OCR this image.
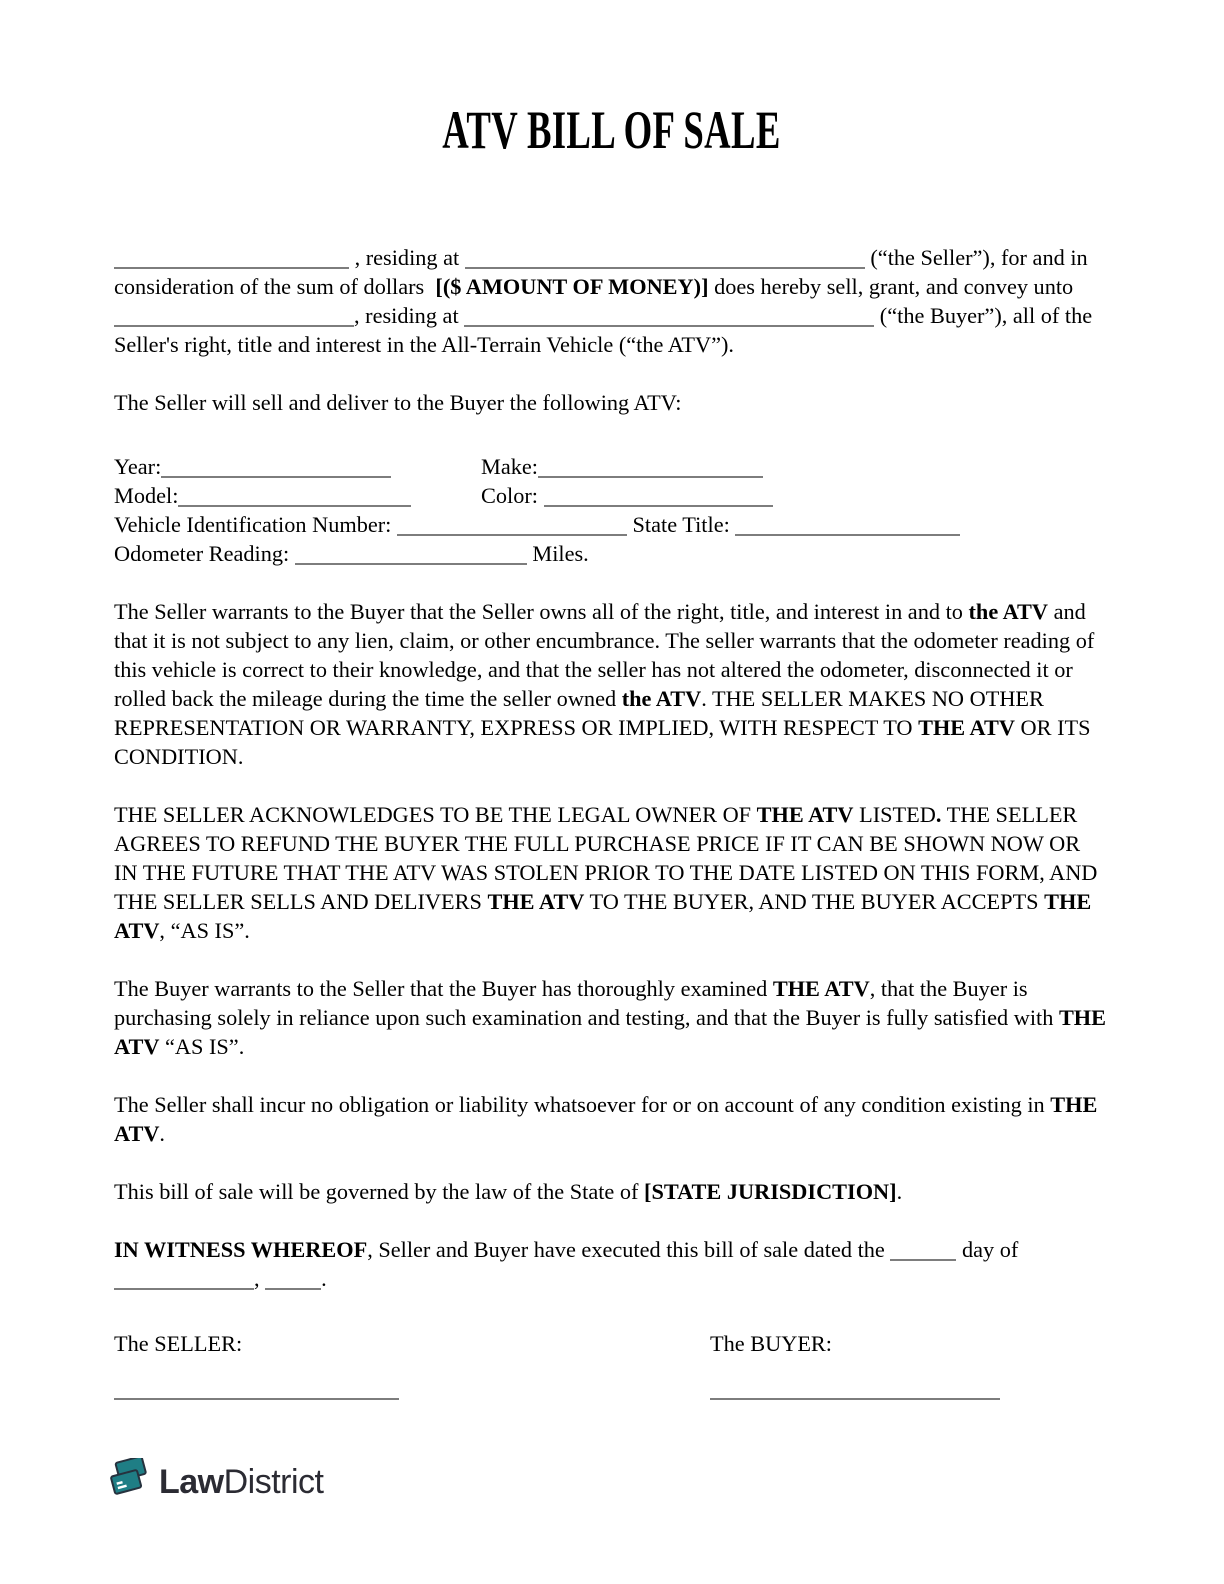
ATV BILL OF SALE

, residing at	(“the Seller”), for and in consideration of the sum of dollars  [($ AMOUNT OF MONEY)] does hereby sell, grant, and convey unto , residing at	(“the Buyer”), all of the Seller's right, title and interest in the All-Terrain Vehicle (“the ATV”).

The Seller will sell and deliver to the Buyer the following ATV:

Year:	Make:
Model:	Color:

Vehicle Identification Number:	State Title:

Odometer Reading:	Miles.

The Seller warrants to the Buyer that the Seller owns all of the right, title, and interest in and to the ATV and that it is not subject to any lien, claim, or other encumbrance. The seller warrants that the odometer reading of this vehicle is correct to their knowledge, and that the seller has not altered the odometer, disconnected it or rolled back the mileage during the time the seller owned the ATV. THE SELLER MAKES NO OTHER REPRESENTATION OR WARRANTY, EXPRESS OR IMPLIED, WITH RESPECT TO THE ATV OR ITS CONDITION.

THE SELLER ACKNOWLEDGES TO BE THE LEGAL OWNER OF THE ATV LISTED. THE SELLER AGREES TO REFUND THE BUYER THE FULL PURCHASE PRICE IF IT CAN BE SHOWN NOW OR IN THE FUTURE THAT THE ATV WAS STOLEN PRIOR TO THE DATE LISTED ON THIS FORM, AND THE SELLER SELLS AND DELIVERS THE ATV TO THE BUYER, AND THE BUYER ACCEPTS THE ATV, “AS IS”.

The Buyer warrants to the Seller that the Buyer has thoroughly examined THE ATV, that the Buyer is purchasing solely in reliance upon such examination and testing, and that the Buyer is fully satisfied with THE ATV “AS IS”.

The Seller shall incur no obligation or liability whatsoever for or on account of any condition existing in THE ATV.

This bill of sale will be governed by the law of the State of [STATE JURISDICTION].

IN WITNESS WHEREOF, Seller and Buyer have executed this bill of sale dated the	day of

,	.

The SELLER:	The BUYER:
LawDistrict
